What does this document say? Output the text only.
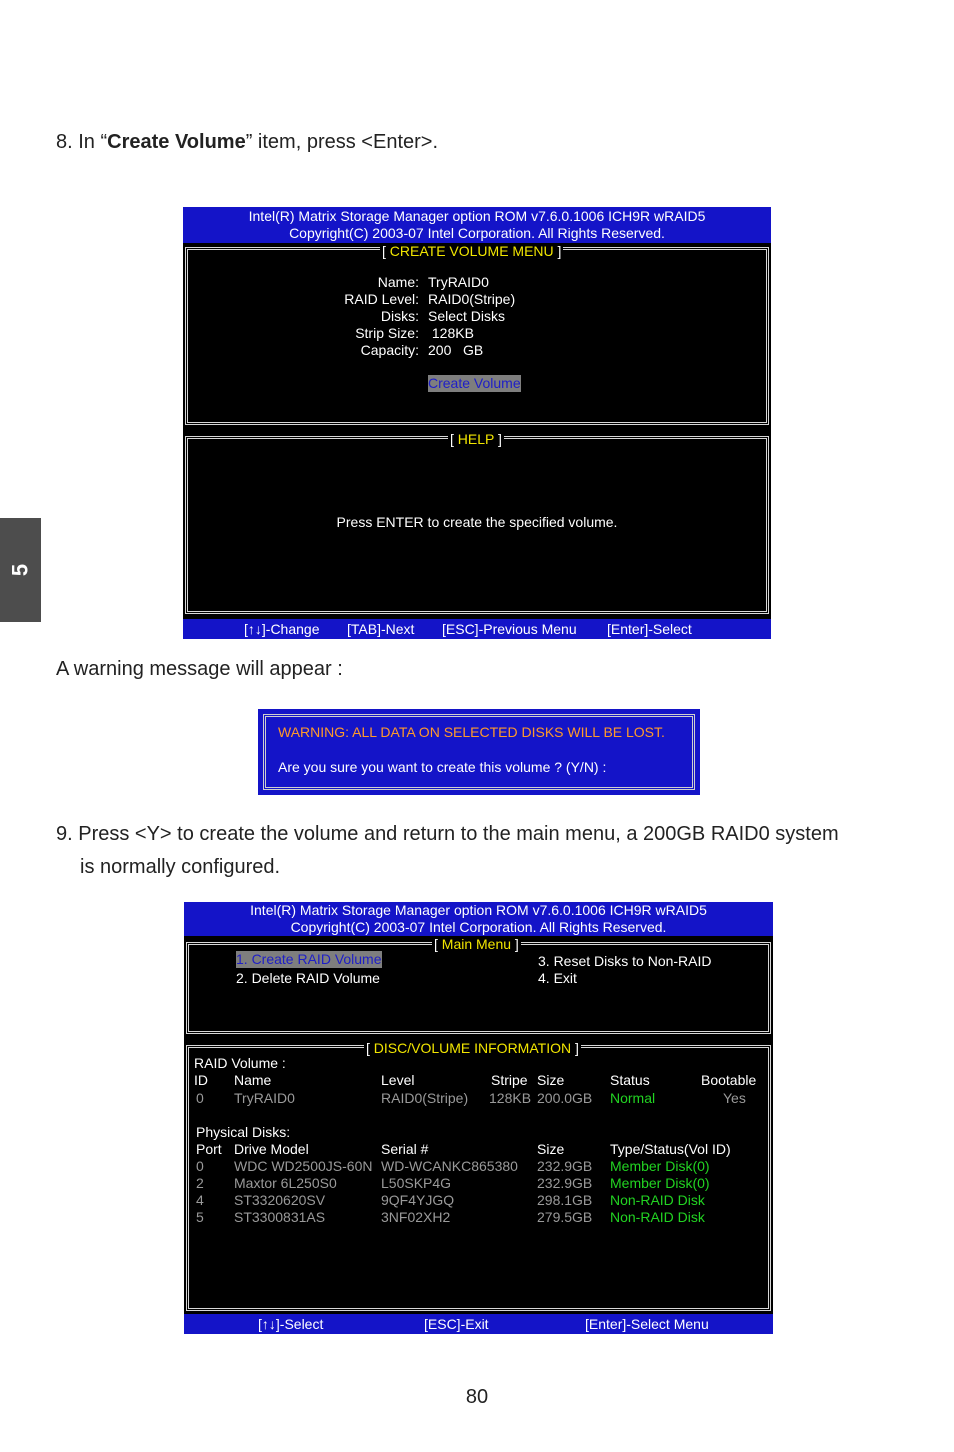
5
8. In “Create Volume” item, press <Enter>.
Intel(R) Matrix Storage Manager option ROM v7.6.0.1006 ICH9R wRAID5
Copyright(C) 2003-07 Intel Corporation. All Rights Reserved.
[ CREATE VOLUME MENU ]
Name: TryRAID0
RAID Level: RAID0(Stripe)
Disks: Select Disks
Strip Size: 128KB
Capacity: 200   GB
Create Volume
[ HELP ]
Press ENTER to create the specified volume.
[↑↓]-Change [TAB]-Next [ESC]-Previous Menu [Enter]-Select
A warning message will appear :
WARNING: ALL DATA ON SELECTED DISKS WILL BE LOST.
Are you sure you want to create this volume ? (Y/N) :
9. Press <Y> to create the volume and return to the main menu, a 200GB RAID0 system
is normally configured.
Intel(R) Matrix Storage Manager option ROM v7.6.0.1006 ICH9R wRAID5
Copyright(C) 2003-07 Intel Corporation. All Rights Reserved.
[ Main Menu ]
1. Create RAID Volume
2. Delete RAID Volume
3. Reset Disks to Non-RAID
4. Exit
[ DISC/VOLUME INFORMATION ]
RAID Volume :
ID Name	Level	Stripe Size	Status	Bootable
0 TryRAID0	RAID0(Stripe) 128KB 200.0GB Normal	Yes
Physical Disks:
Port Drive Model	Serial #	Size	Type/Status(Vol ID)
0 WDC WD2500JS-60N WD-WCANKC865380 232.9GB Member Disk(0)
2 Maxtor 6L250S0	L50SKP4G	232.9GB Member Disk(0)
4 ST3320620SV	9QF4YJGQ	298.1GB Non-RAID Disk
5 ST3300831AS	3NF02XH2	279.5GB Non-RAID Disk
[↑↓]-Select	[ESC]-Exit	[Enter]-Select Menu
80
